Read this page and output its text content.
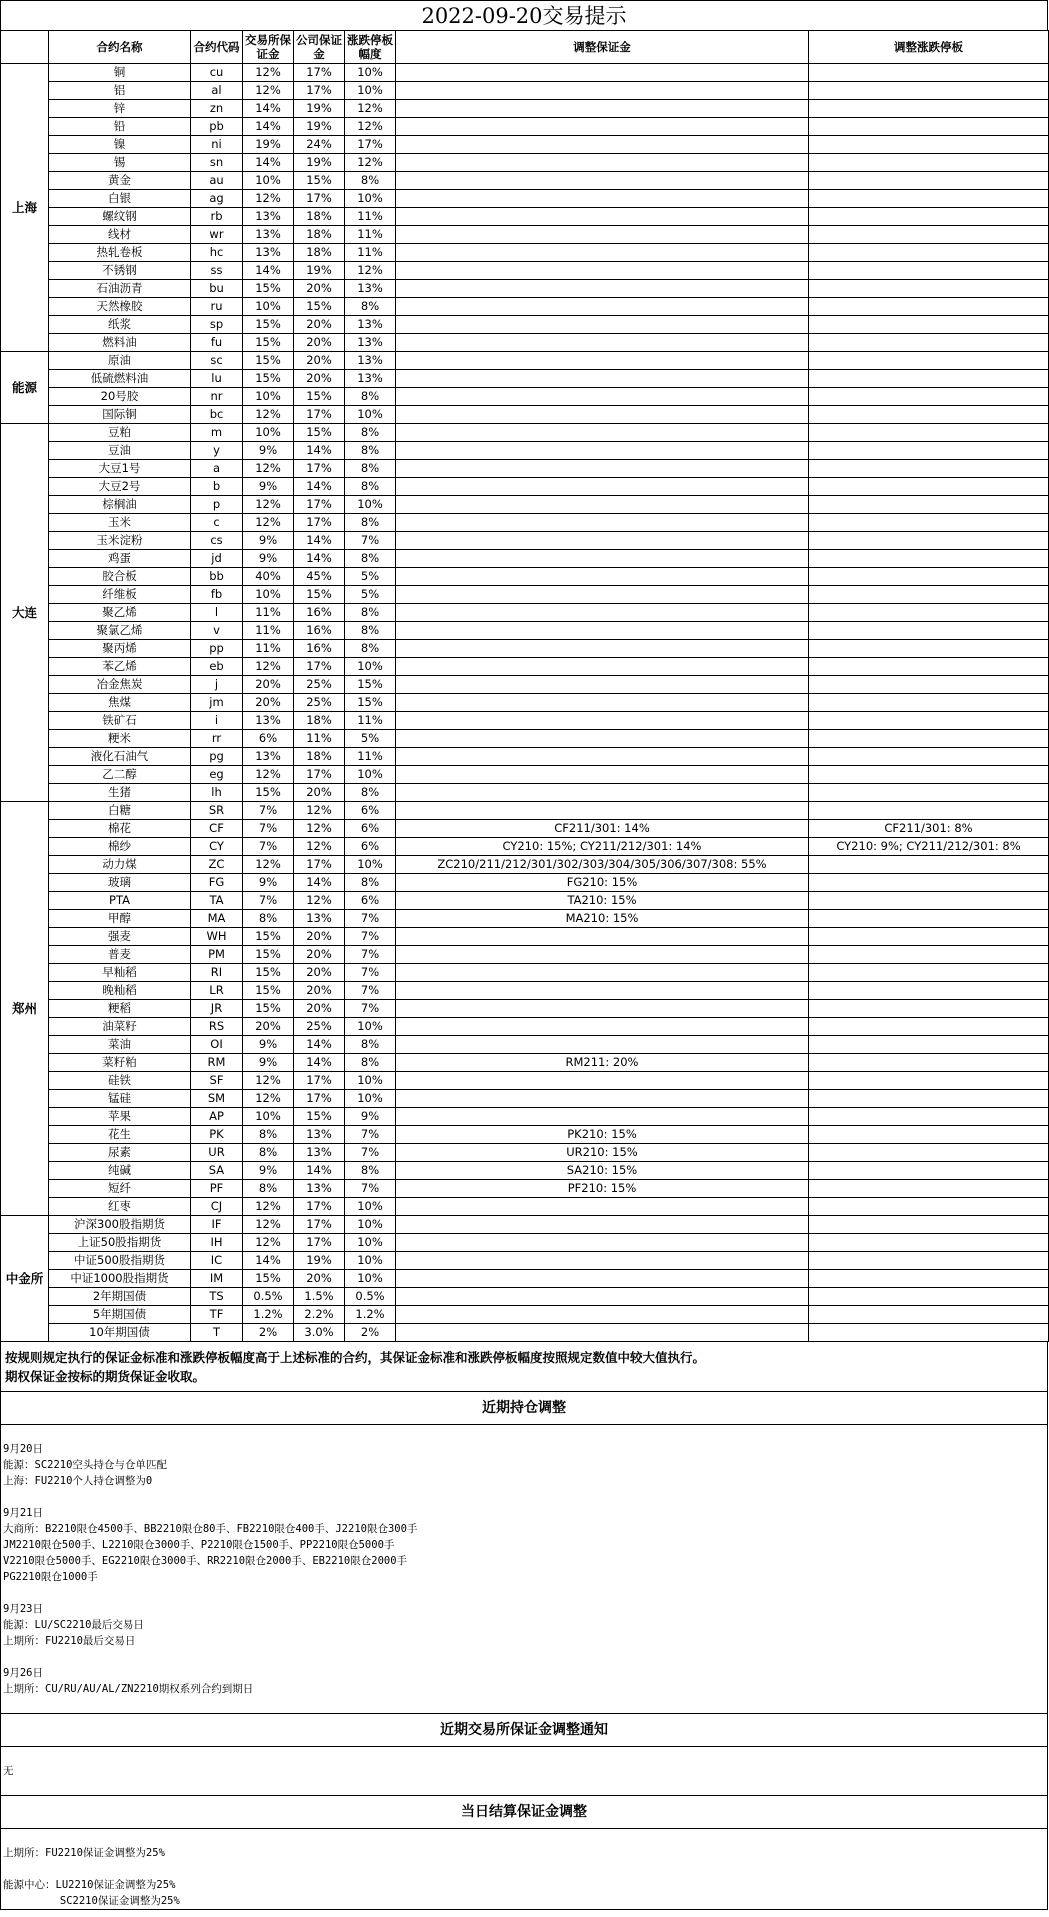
2022-09-20交易提示
	合约名称	合约代码	交易所保证金	公司保证金	涨跌停板幅度	调整保证金	调整涨跌停板
上海	铜	cu	12%	17%	10%		
	铝	al	12%	17%	10%		
	锌	zn	14%	19%	12%		
	铅	pb	14%	19%	12%		
	镍	ni	19%	24%	17%		
	锡	sn	14%	19%	12%		
	黄金	au	10%	15%	8%		
	白银	ag	12%	17%	10%		
	螺纹钢	rb	13%	18%	11%		
	线材	wr	13%	18%	11%		
	热轧卷板	hc	13%	18%	11%		
	不锈钢	ss	14%	19%	12%		
	石油沥青	bu	15%	20%	13%		
	天然橡胶	ru	10%	15%	8%		
	纸浆	sp	15%	20%	13%		
	燃料油	fu	15%	20%	13%		
能源	原油	sc	15%	20%	13%		
	低硫燃料油	lu	15%	20%	13%		
	20号胶	nr	10%	15%	8%		
	国际铜	bc	12%	17%	10%		
大连	豆粕	m	10%	15%	8%		
	豆油	y	9%	14%	8%		
	大豆1号	a	12%	17%	8%		
	大豆2号	b	9%	14%	8%		
	棕榈油	p	12%	17%	10%		
	玉米	c	12%	17%	8%		
	玉米淀粉	cs	9%	14%	7%		
	鸡蛋	jd	9%	14%	8%		
	胶合板	bb	40%	45%	5%		
	纤维板	fb	10%	15%	5%		
	聚乙烯	l	11%	16%	8%		
	聚氯乙烯	v	11%	16%	8%		
	聚丙烯	pp	11%	16%	8%		
	苯乙烯	eb	12%	17%	10%		
	冶金焦炭	j	20%	25%	15%		
	焦煤	jm	20%	25%	15%		
	铁矿石	i	13%	18%	11%		
	粳米	rr	6%	11%	5%		
	液化石油气	pg	13%	18%	11%		
	乙二醇	eg	12%	17%	10%		
	生猪	lh	15%	20%	8%		
郑州	白糖	SR	7%	12%	6%		
	棉花	CF	7%	12%	6%	CF211/301: 14%	CF211/301: 8%
	棉纱	CY	7%	12%	6%	CY210: 15%; CY211/212/301: 14%	CY210: 9%; CY211/212/301: 8%
	动力煤	ZC	12%	17%	10%	ZC210/211/212/301/302/303/304/305/306/307/308: 55%	
	玻璃	FG	9%	14%	8%	FG210: 15%	
	PTA	TA	7%	12%	6%	TA210: 15%	
	甲醇	MA	8%	13%	7%	MA210: 15%	
	强麦	WH	15%	20%	7%		
	普麦	PM	15%	20%	7%		
	早籼稻	RI	15%	20%	7%		
	晚籼稻	LR	15%	20%	7%		
	粳稻	JR	15%	20%	7%		
	油菜籽	RS	20%	25%	10%		
	菜油	OI	9%	14%	8%		
	菜籽粕	RM	9%	14%	8%	RM211: 20%	
	硅铁	SF	12%	17%	10%		
	锰硅	SM	12%	17%	10%		
	苹果	AP	10%	15%	9%		
	花生	PK	8%	13%	7%	PK210: 15%	
	尿素	UR	8%	13%	7%	UR210: 15%	
	纯碱	SA	9%	14%	8%	SA210: 15%	
	短纤	PF	8%	13%	7%	PF210: 15%	
	红枣	CJ	12%	17%	10%		
中金所	沪深300股指期货	IF	12%	17%	10%		
	上证50股指期货	IH	12%	17%	10%		
	中证500股指期货	IC	14%	19%	10%		
	中证1000股指期货	IM	15%	20%	10%		
	2年期国债	TS	0.5%	1.5%	0.5%		
	5年期国债	TF	1.2%	2.2%	1.2%		
	10年期国债	T	2%	3.0%	2%		
按规则规定执行的保证金标准和涨跌停板幅度高于上述标准的合约，其保证金标准和涨跌停板幅度按照规定数值中较大值执行。
期权保证金按标的期货保证金收取。
近期持仓调整
9月20日
能源：SC2210空头持仓与仓单匹配
上海：FU2210个人持仓调整为0
9月21日
大商所：B2210限仓4500手、BB2210限仓80手、FB2210限仓400手、J2210限仓300手
JM2210限仓500手、L2210限仓3000手、P2210限仓1500手、PP2210限仓5000手
V2210限仓5000手、EG2210限仓3000手、RR2210限仓2000手、EB2210限仓2000手
PG2210限仓1000手
9月23日
能源：LU/SC2210最后交易日
上期所：FU2210最后交易日
9月26日
上期所：CU/RU/AU/AL/ZN2210期权系列合约到期日
近期交易所保证金调整通知
无
当日结算保证金调整
上期所：FU2210保证金调整为25%
能源中心：LU2210保证金调整为25%
SC2210保证金调整为25%
